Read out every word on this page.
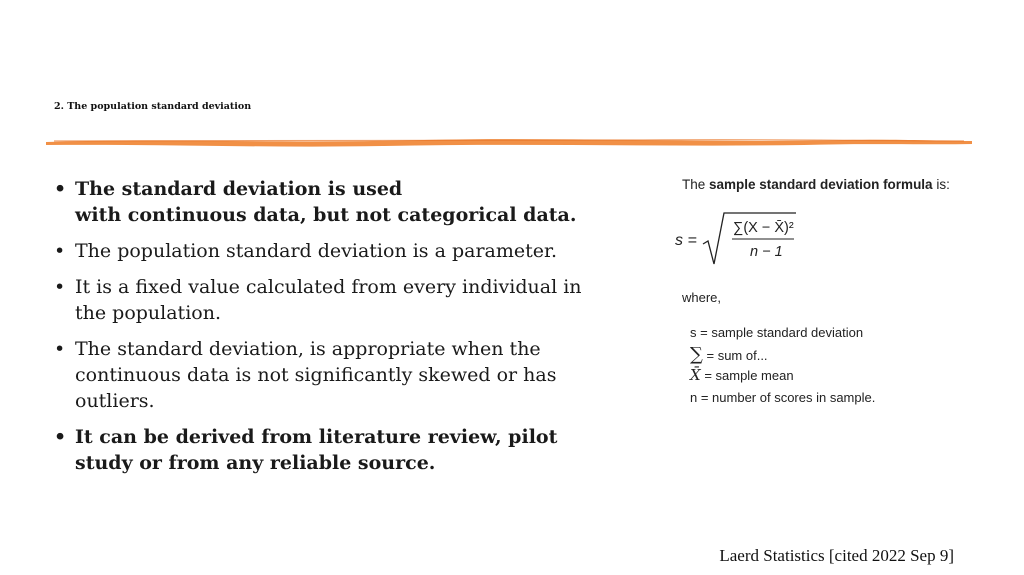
2. The population standard deviation
• The standard deviation is used
with continuous data, but not categorical data.
• The population standard deviation is a parameter.
• It is a fixed value calculated from every individual in the population.
• The standard deviation, is appropriate when the continuous data is not significantly skewed or has outliers.
• It can be derived from literature review, pilot study or from any reliable source.
The sample standard deviation formula is:
s =
∑(X − X̄)²
n − 1
where,
s = sample standard deviation
∑ = sum of...
X̄ = sample mean
n = number of scores in sample.
Laerd Statistics [cited 2022 Sep 9]
